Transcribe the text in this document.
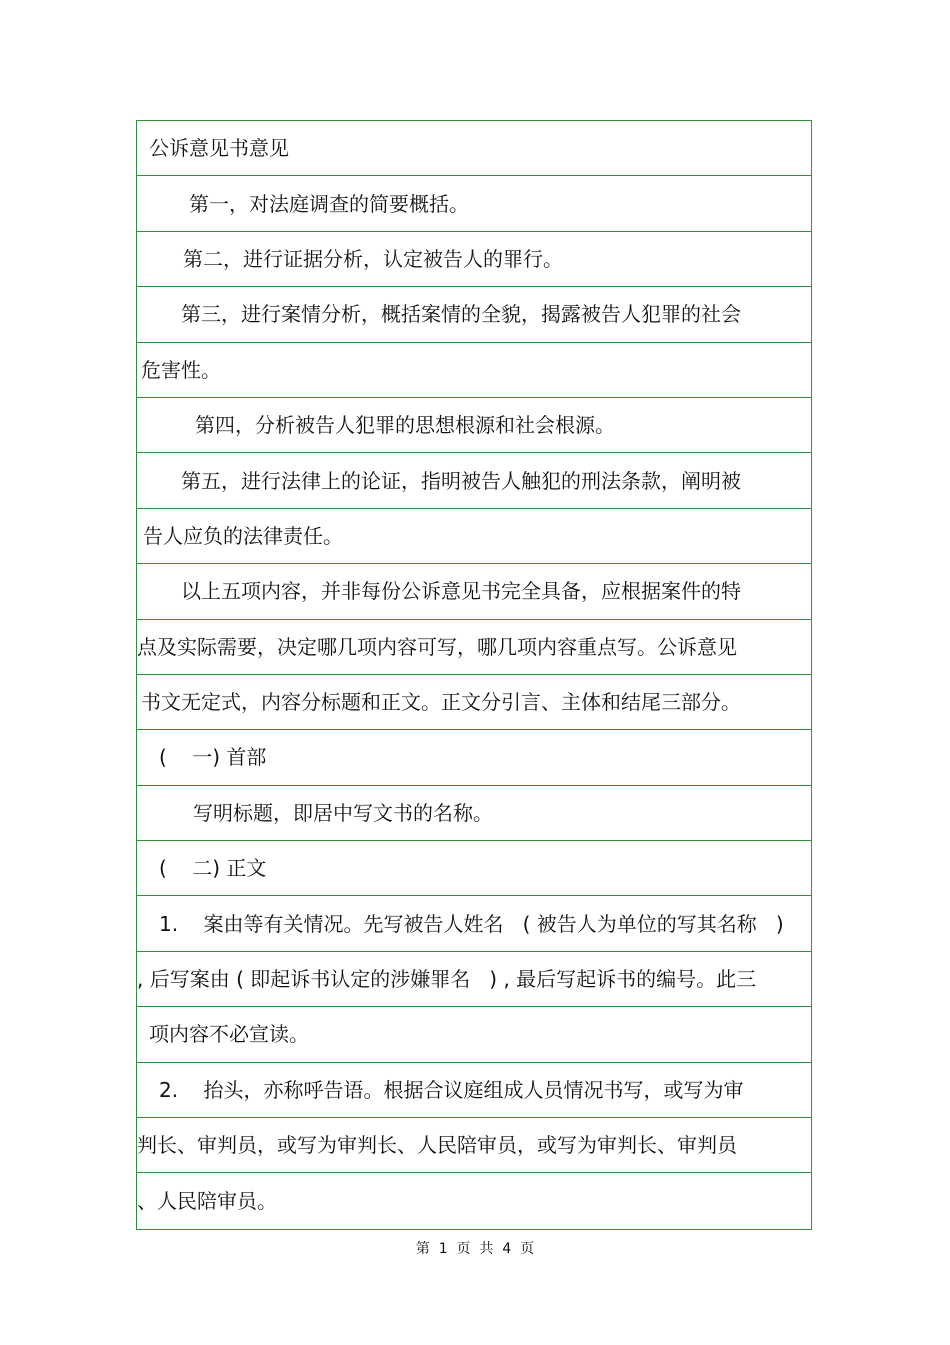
公诉意见书意见
第一，对法庭调查的简要概括。
第二，进行证据分析，认定被告人的罪行。
第三，进行案情分析，概括案情的全貌，揭露被告人犯罪的社会
危害性。
第四，分析被告人犯罪的思想根源和社会根源。
第五，进行法律上的论证，指明被告人触犯的刑法条款，阐明被
告人应负的法律责任。
以上五项内容，并非每份公诉意见书完全具备，应根据案件的特
点及实际需要，决定哪几项内容可写，哪几项内容重点写。公诉意见
书文无定式，内容分标题和正文。正文分引言、主体和结尾三部分。
(    一) 首部
写明标题，即居中写文书的名称。
(    二) 正文
1.    案由等有关情况。先写被告人姓名   ( 被告人为单位的写其名称   )
, 后写案由 ( 即起诉书认定的涉嫌罪名   ) , 最后写起诉书的编号。此三
项内容不必宣读。
2.    抬头，亦称呼告语。根据合议庭组成人员情况书写，或写为审
判长、审判员，或写为审判长、人民陪审员，或写为审判长、审判员
、人民陪审员。
第  1  页  共  4  页
